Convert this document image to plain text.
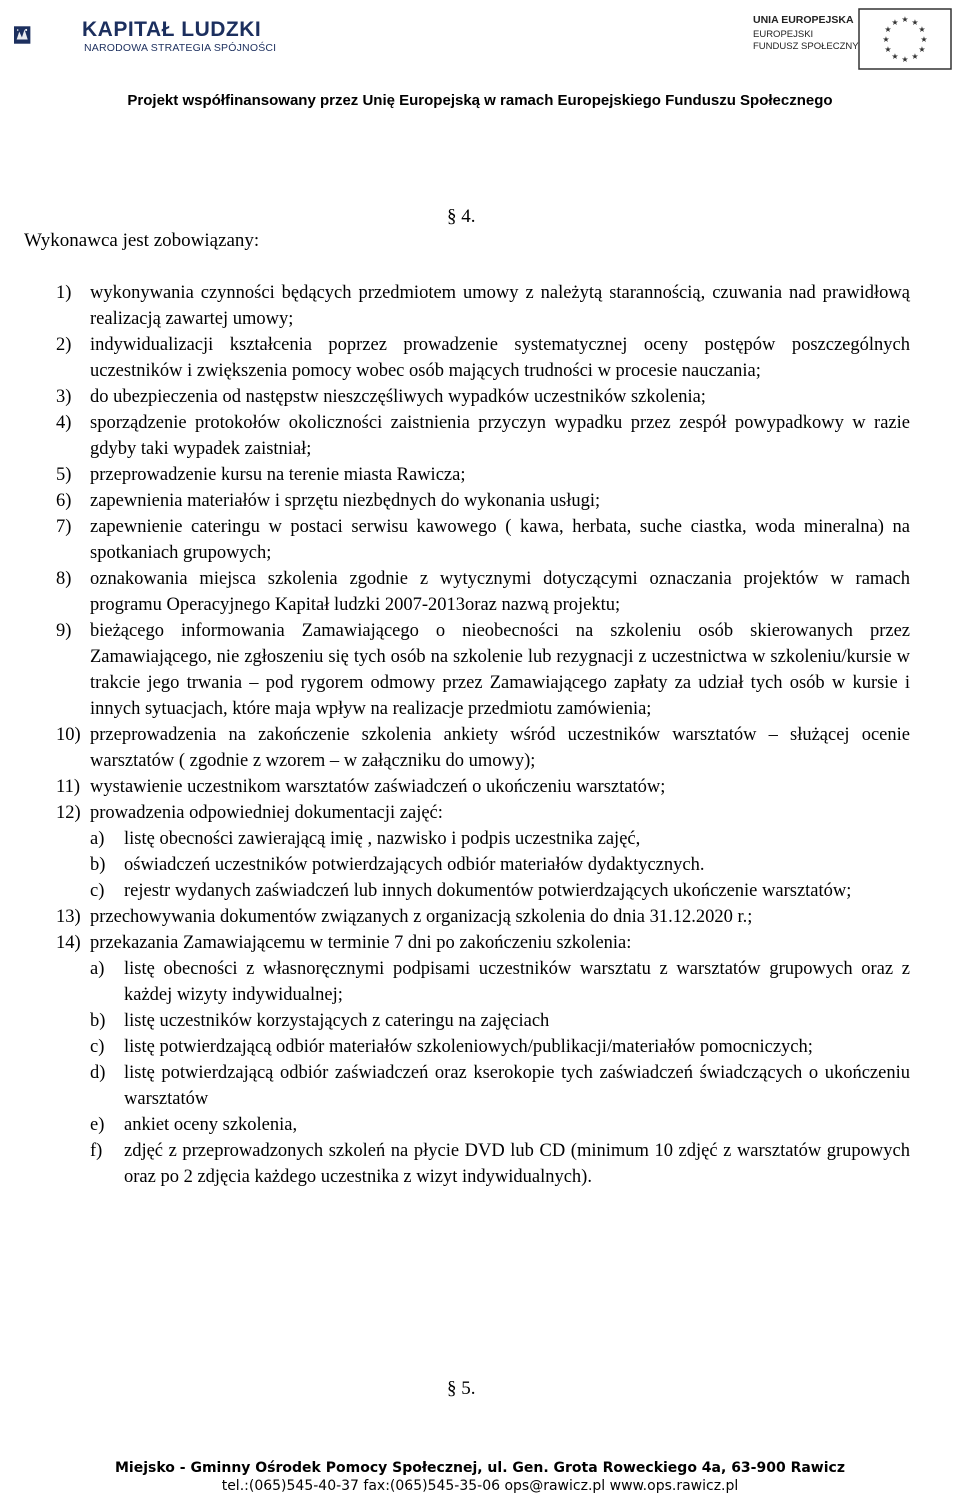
KAPITAŁ LUDZKI
NARODOWA STRATEGIA SPÓJNOŚCI
UNIA EUROPEJSKA
EUROPEJSKI
FUNDUSZ SPOŁECZNY
★ ★
★
★
★
★
★
★
★
★
★
★
Projekt współfinansowany przez Unię Europejską w ramach Europejskiego Funduszu Społecznego
§ 4.
Wykonawca jest zobowiązany:
1) wykonywania czynności będących przedmiotem umowy z należytą starannością, czuwania nad prawidłową realizacją zawartej umowy;
2) indywidualizacji kształcenia poprzez prowadzenie systematycznej oceny postępów poszczególnych uczestników i zwiększenia pomocy wobec osób mających trudności w procesie nauczania;
3) do ubezpieczenia od następstw nieszczęśliwych wypadków uczestników szkolenia;
4) sporządzenie protokołów okoliczności zaistnienia przyczyn wypadku przez zespół powypadkowy w razie gdyby taki wypadek zaistniał;
5) przeprowadzenie kursu na terenie miasta Rawicza;
6) zapewnienia materiałów i sprzętu niezbędnych do wykonania usługi;
7) zapewnienie cateringu w postaci serwisu kawowego ( kawa, herbata, suche ciastka, woda mineralna) na spotkaniach grupowych;
8) oznakowania miejsca szkolenia zgodnie z wytycznymi dotyczącymi oznaczania projektów w ramach programu Operacyjnego Kapitał ludzki 2007-2013oraz nazwą projektu;
9) bieżącego informowania Zamawiającego o nieobecności na szkoleniu osób skierowanych przez Zamawiającego, nie zgłoszeniu się tych osób na szkolenie lub rezygnacji z uczestnictwa w szkoleniu/kursie w trakcie jego trwania – pod rygorem odmowy przez Zamawiającego zapłaty za udział tych osób w kursie i innych sytuacjach, które maja wpływ na realizacje przedmiotu zamówienia;
10) przeprowadzenia na zakończenie szkolenia ankiety wśród uczestników warsztatów – służącej ocenie warsztatów ( zgodnie z wzorem – w załączniku do umowy);
11) wystawienie uczestnikom warsztatów zaświadczeń o ukończeniu warsztatów;
12) prowadzenia odpowiedniej dokumentacji zajęć:
a) listę obecności zawierającą imię , nazwisko i podpis uczestnika zajęć,
b) oświadczeń uczestników potwierdzających odbiór materiałów dydaktycznych.
c) rejestr wydanych zaświadczeń lub innych dokumentów potwierdzających ukończenie warsztatów;
13) przechowywania dokumentów związanych z organizacją szkolenia do dnia 31.12.2020 r.;
14) przekazania Zamawiającemu w terminie 7 dni po zakończeniu szkolenia:
a) listę obecności z własnoręcznymi podpisami uczestników warsztatu z warsztatów grupowych oraz z każdej wizyty indywidualnej;
b) listę uczestników korzystających z cateringu na zajęciach
c) listę potwierdzającą odbiór materiałów szkoleniowych/publikacji/materiałów pomocniczych;
d) listę potwierdzającą odbiór zaświadczeń oraz kserokopie tych zaświadczeń świadczących o ukończeniu warsztatów
e) ankiet oceny szkolenia,
f) zdjęć z przeprowadzonych szkoleń na płycie DVD lub CD (minimum 10 zdjęć z warsztatów grupowych oraz po 2 zdjęcia każdego uczestnika z wizyt indywidualnych).
§ 5.
Miejsko - Gminny Ośrodek Pomocy Społecznej, ul. Gen. Grota Roweckiego 4a, 63-900 Rawicz
tel.:(065)545-40-37 fax:(065)545-35-06 ops@rawicz.pl www.ops.rawicz.pl
